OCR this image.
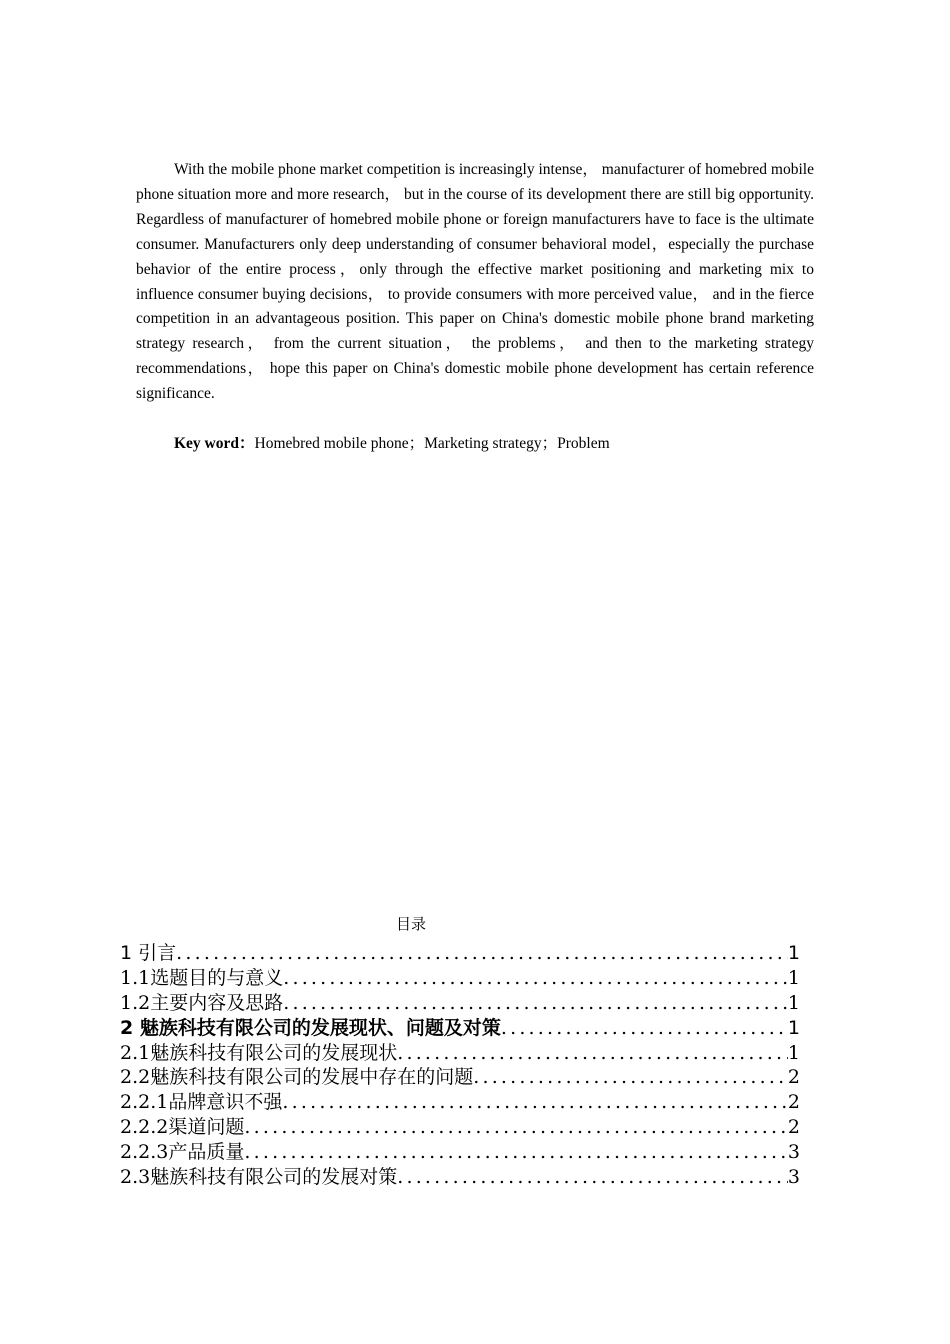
With the mobile phone market competition is increasingly intense， manufacturer of homebred mobile phone situation more and more research， but in the course of its development there are still big opportunity. Regardless of manufacturer of homebred mobile phone or foreign manufacturers have to face is the ultimate consumer. Manufacturers only deep understanding of consumer behavioral model，especially the purchase behavior of the entire process，only through the effective market positioning and marketing mix to influence consumer buying decisions， to provide consumers with more perceived value， and in the fierce competition in an advantageous position. This paper on China's domestic mobile phone brand marketing strategy research， from the current situation， the problems， and then to the marketing strategy recommendations， hope this paper on China's domestic mobile phone development has certain reference significance.

Key word：Homebred mobile phone；Marketing strategy；Problem
目录
1 引言 .....	1
1.1选题目的与意义 .....	1
1.2主要内容及思路 .....	1
2 魅族科技有限公司的发展现状、问题及对策 .....	1
2.1魅族科技有限公司的发展现状 .....	1
2.2魅族科技有限公司的发展中存在的问题 .....	2
2.2.1品牌意识不强 .....	2
2.2.2渠道问题 .....	2
2.2.3产品质量 .....	3
2.3魅族科技有限公司的发展对策 .....	3
